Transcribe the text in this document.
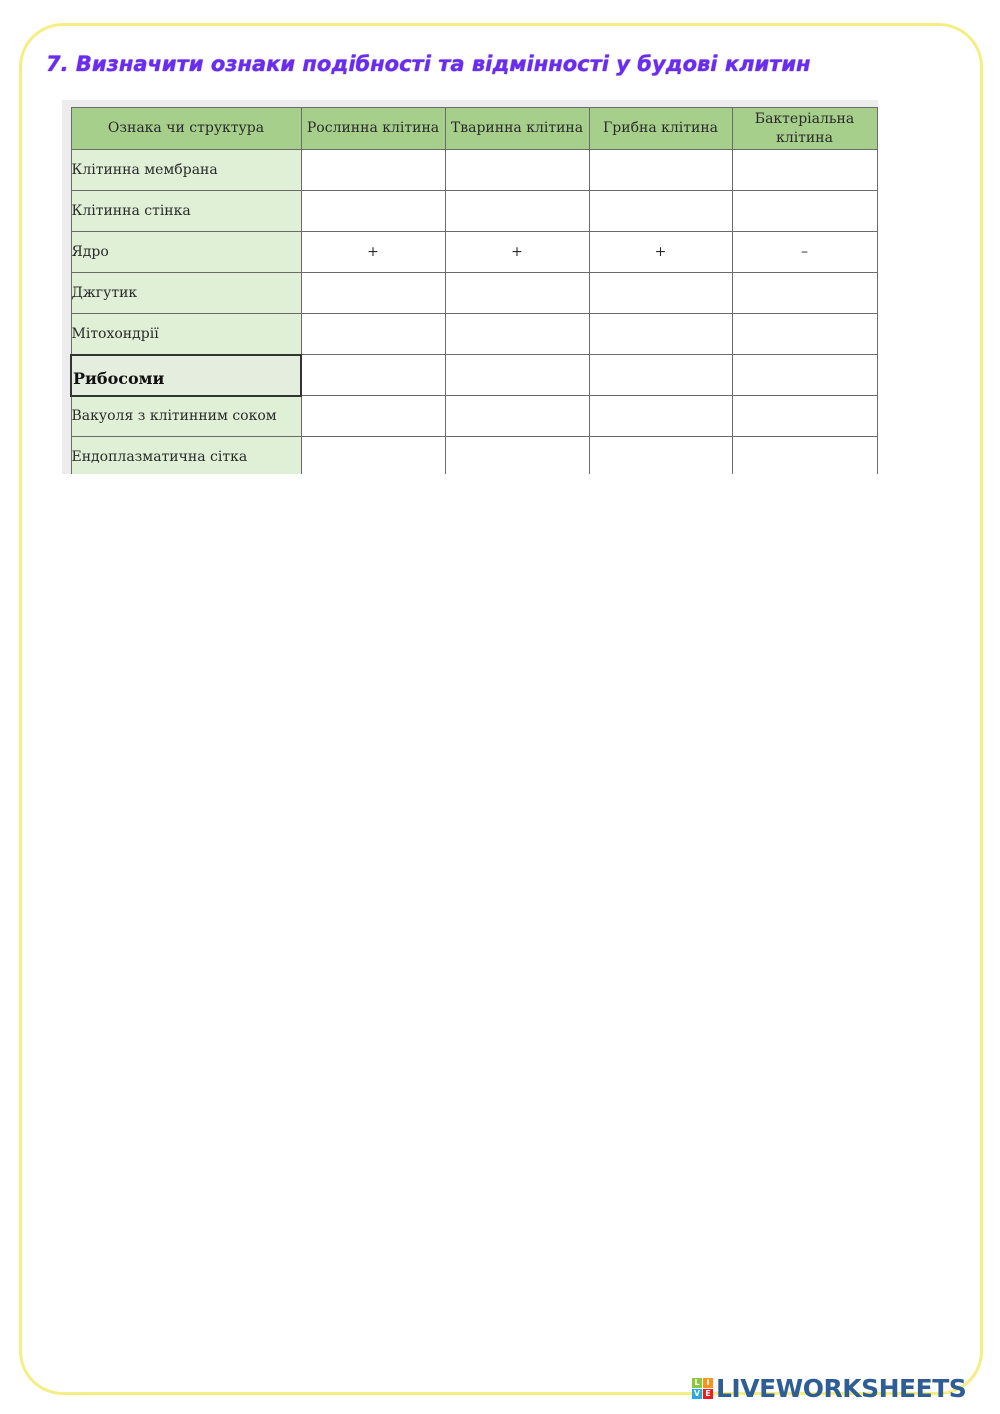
7. Визначити ознаки подібності та відмінності у будові клитин
Ознака чи структура	Рослинна клітина	Тваринна клітина	Грибна клітина	Бактеріальна клітина
Клітинна мембрана				
Клітинна стінка				
Ядро	+	+	+	–
Джгутик				
Мітохондрії				
Рибосоми				
Вакуоля з клітинним соком				
Ендоплазматична сітка				
L I
V E LIVEWORKSHEETS
